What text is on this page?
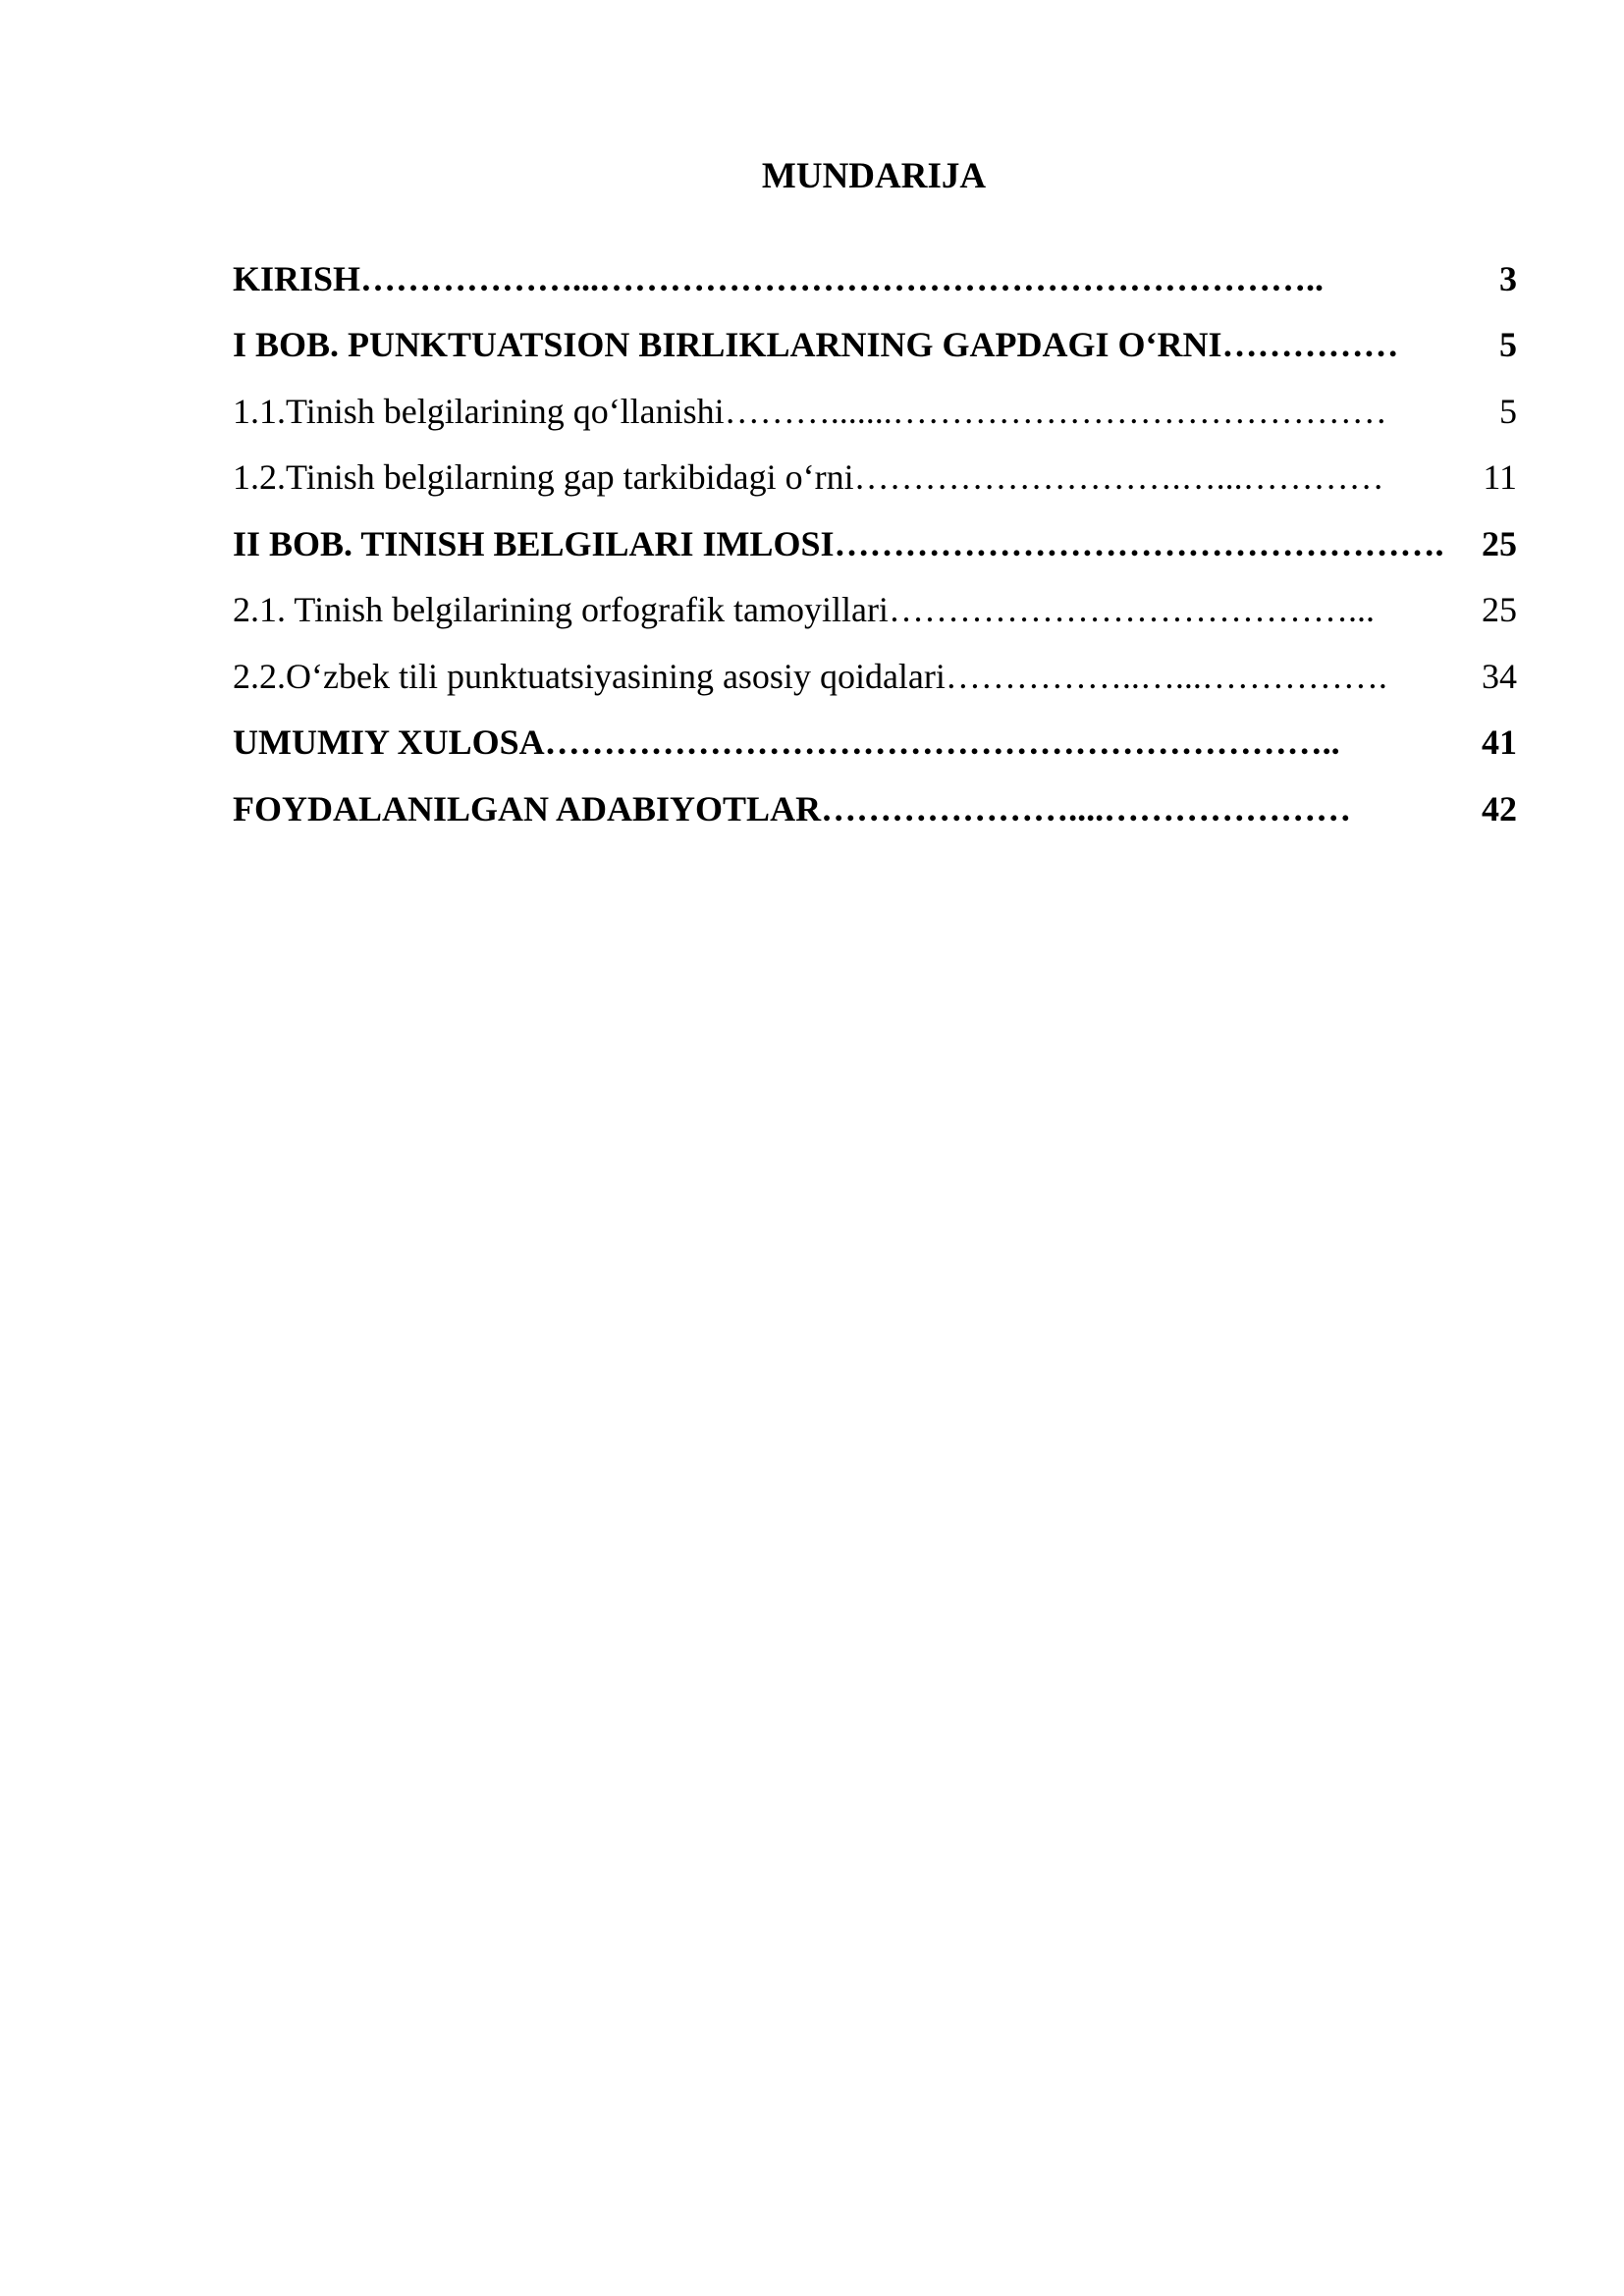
MUNDARIJA
KIRISH ………………...……………………………………………………..	3
I BOB. PUNKTUATSION BIRLIKLARNING GAPDAGI O‘RNI ……………	5
1.1.Tinish belgilarining qo‘llanishi ……….......……………………………………	5
1.2.Tinish belgilarning gap tarkibidagi o‘rni ……………………….…...…………	11
II BOB. TINISH BELGILARI IMLOSI …………………………………………….	25
2.1. Tinish belgilarining orfografik tamoyillari …………………………………...	25
2.2.O‘zbek tili punktuatsiyasining asosiy qoidalari ……………..…...…………….	34
UMUMIY XULOSA …………………………………………………………..	41
FOYDALANILGAN ADABIYOTLAR …………………....…………………	42
